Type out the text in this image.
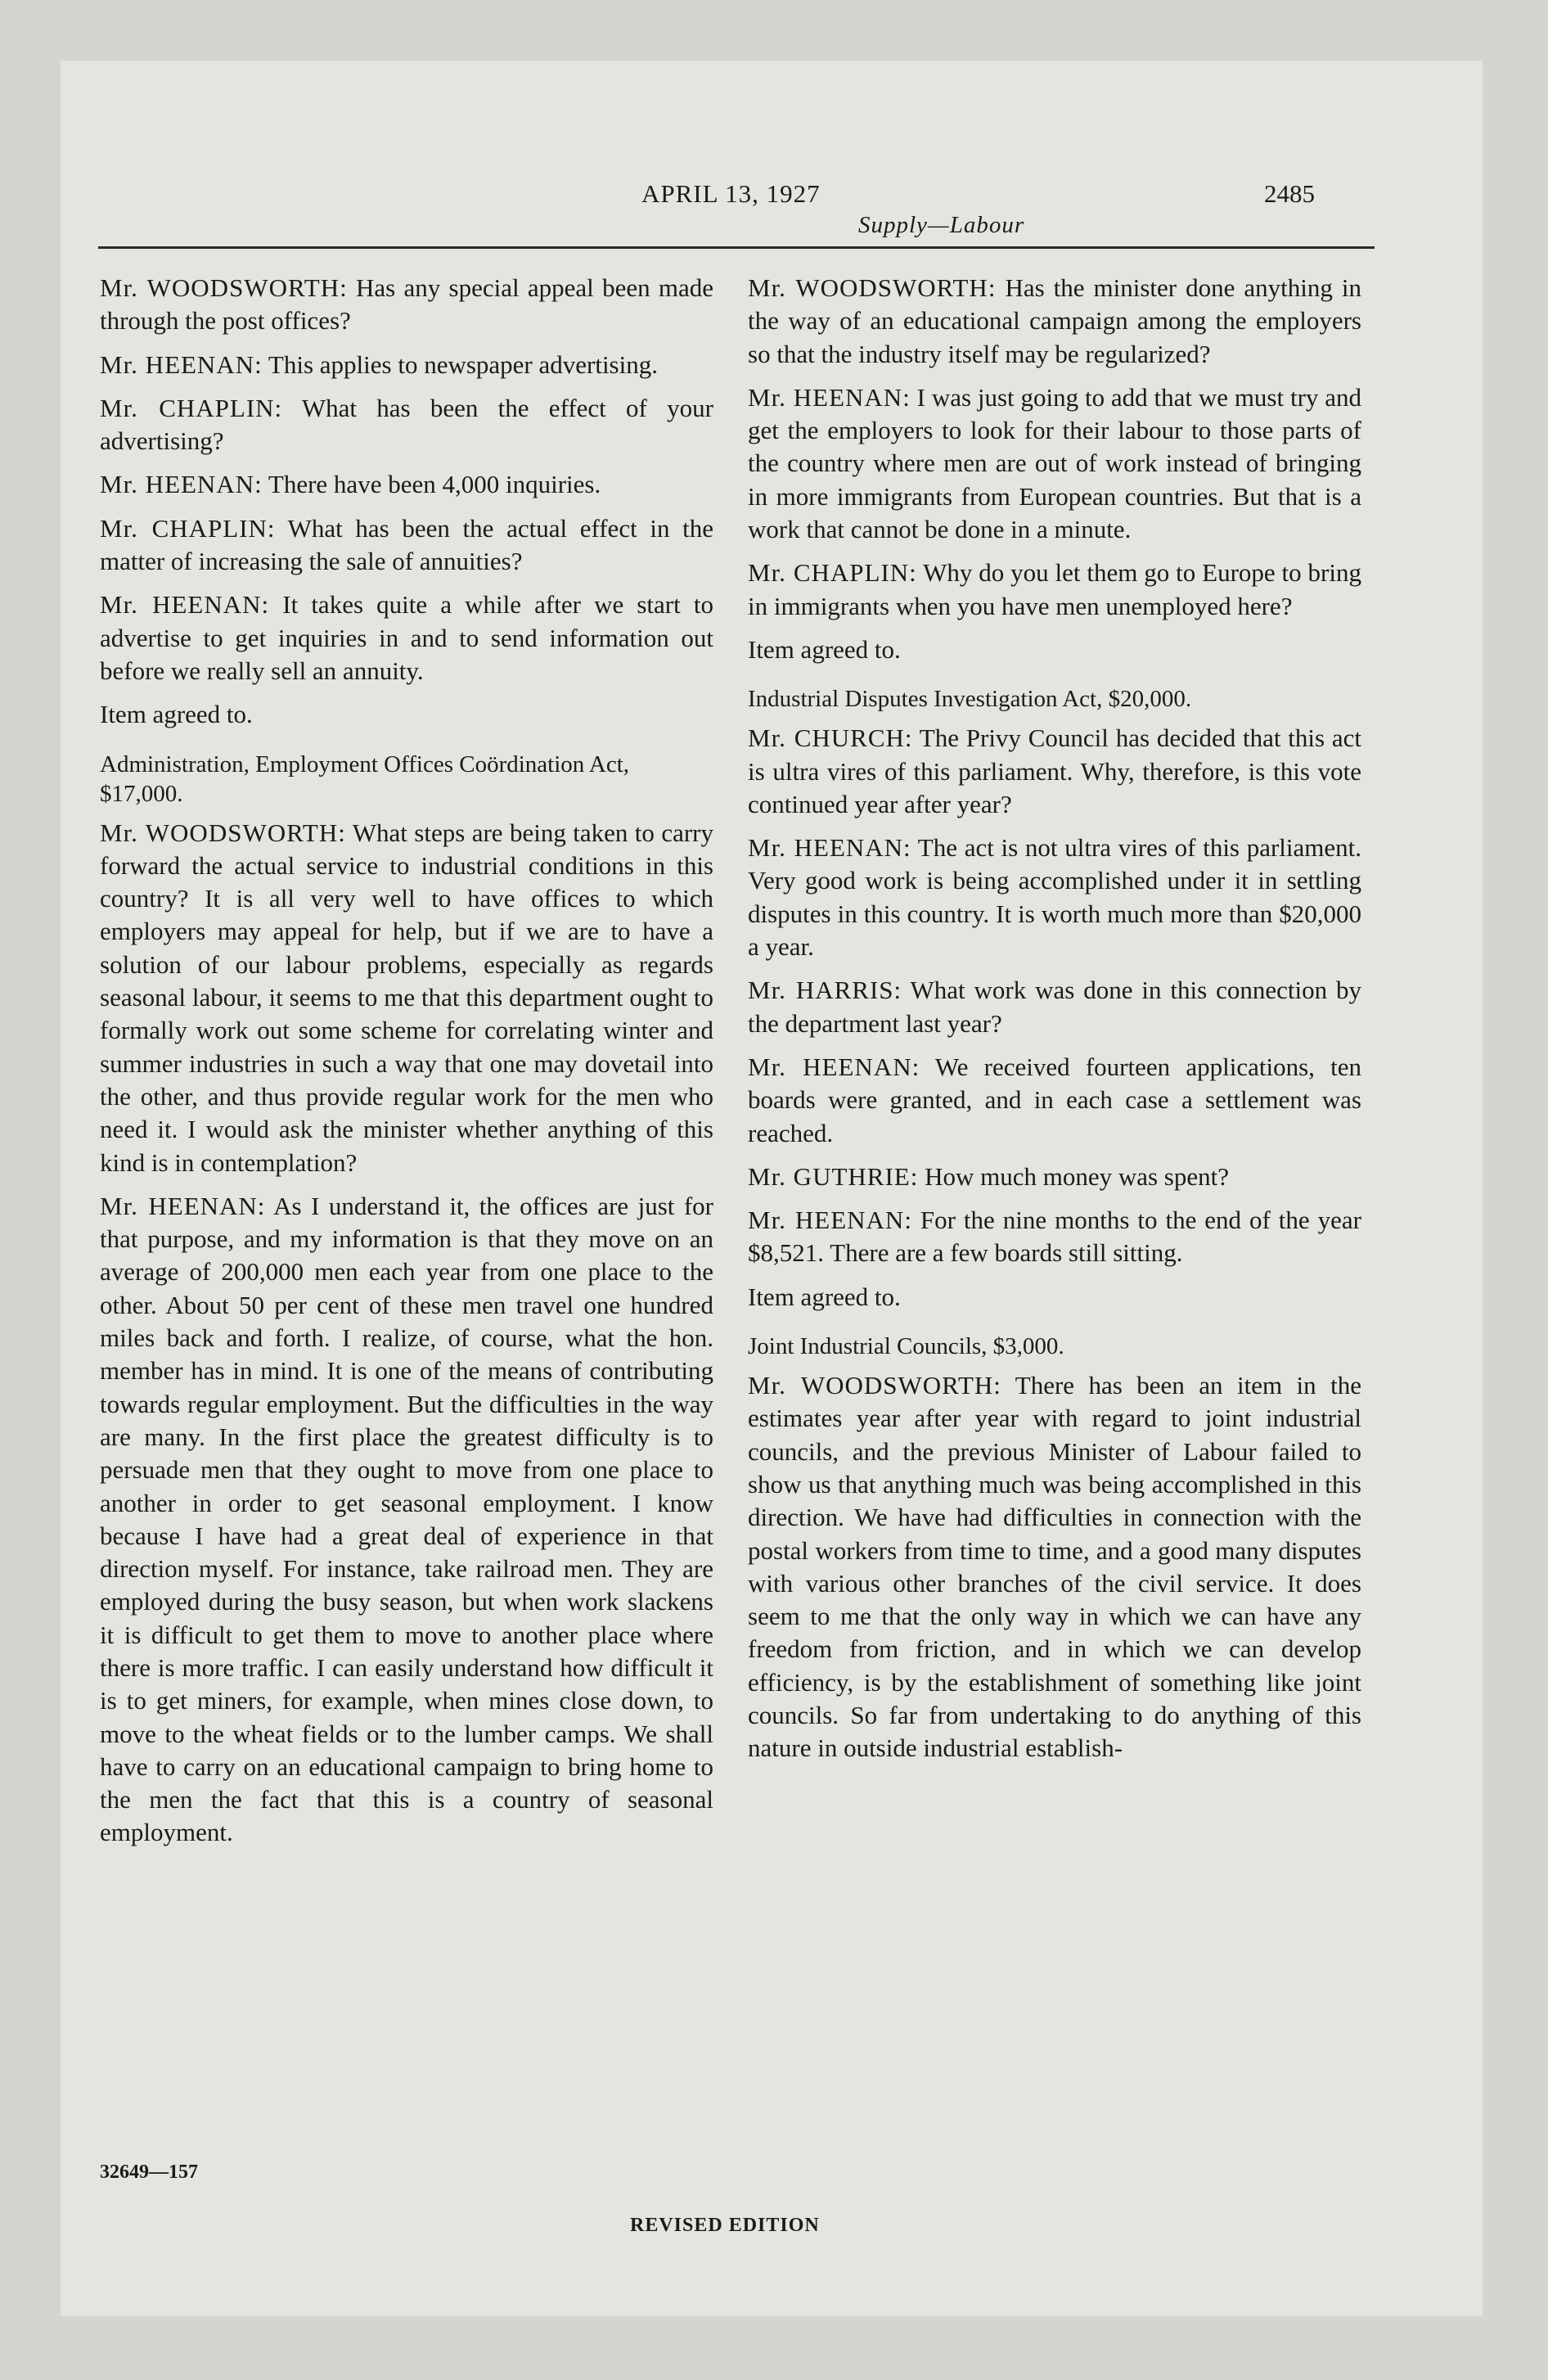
APRIL 13, 1927	2485
Supply—Labour

Mr. WOODSWORTH: Has any special appeal been made through the post offices?

Mr. HEENAN: This applies to newspaper advertising.

Mr. CHAPLIN: What has been the effect of your advertising?

Mr. HEENAN: There have been 4,000 inquiries.

Mr. CHAPLIN: What has been the actual effect in the matter of increasing the sale of annuities?

Mr. HEENAN: It takes quite a while after we start to advertise to get inquiries in and to send information out before we really sell an annuity.

Item agreed to.

Administration, Employment Offices Coördination Act, $17,000.

Mr. WOODSWORTH: What steps are being taken to carry forward the actual service to industrial conditions in this country? It is all very well to have offices to which employers may appeal for help, but if we are to have a solution of our labour problems, especially as regards seasonal labour, it seems to me that this department ought to formally work out some scheme for correlating winter and summer industries in such a way that one may dovetail into the other, and thus provide regular work for the men who need it. I would ask the minister whether anything of this kind is in contemplation?

Mr. HEENAN: As I understand it, the offices are just for that purpose, and my information is that they move on an average of 200,000 men each year from one place to the other. About 50 per cent of these men travel one hundred miles back and forth. I realize, of course, what the hon. member has in mind. It is one of the means of contributing towards regular employment. But the difficulties in the way are many. In the first place the greatest difficulty is to persuade men that they ought to move from one place to another in order to get seasonal employment. I know because I have had a great deal of experience in that direction myself. For instance, take railroad men. They are employed during the busy season, but when work slackens it is difficult to get them to move to another place where there is more traffic. I can easily understand how difficult it is to get miners, for example, when mines close down, to move to the wheat fields or to the lumber camps. We shall have to carry on an educational campaign to bring home to the men the fact that this is a country of seasonal employment.

Mr. WOODSWORTH: Has the minister done anything in the way of an educational campaign among the employers so that the industry itself may be regularized?

Mr. HEENAN: I was just going to add that we must try and get the employers to look for their labour to those parts of the country where men are out of work instead of bringing in more immigrants from European countries. But that is a work that cannot be done in a minute.

Mr. CHAPLIN: Why do you let them go to Europe to bring in immigrants when you have men unemployed here?

Item agreed to.

Industrial Disputes Investigation Act, $20,000.

Mr. CHURCH: The Privy Council has decided that this act is ultra vires of this parliament. Why, therefore, is this vote continued year after year?

Mr. HEENAN: The act is not ultra vires of this parliament. Very good work is being accomplished under it in settling disputes in this country. It is worth much more than $20,000 a year.

Mr. HARRIS: What work was done in this connection by the department last year?

Mr. HEENAN: We received fourteen applications, ten boards were granted, and in each case a settlement was reached.

Mr. GUTHRIE: How much money was spent?

Mr. HEENAN: For the nine months to the end of the year $8,521. There are a few boards still sitting.

Item agreed to.

Joint Industrial Councils, $3,000.

Mr. WOODSWORTH: There has been an item in the estimates year after year with regard to joint industrial councils, and the previous Minister of Labour failed to show us that anything much was being accomplished in this direction. We have had difficulties in connection with the postal workers from time to time, and a good many disputes with various other branches of the civil service. It does seem to me that the only way in which we can have any freedom from friction, and in which we can develop efficiency, is by the establishment of something like joint councils. So far from undertaking to do anything of this nature in outside industrial establish-

32649—157
REVISED EDITION
